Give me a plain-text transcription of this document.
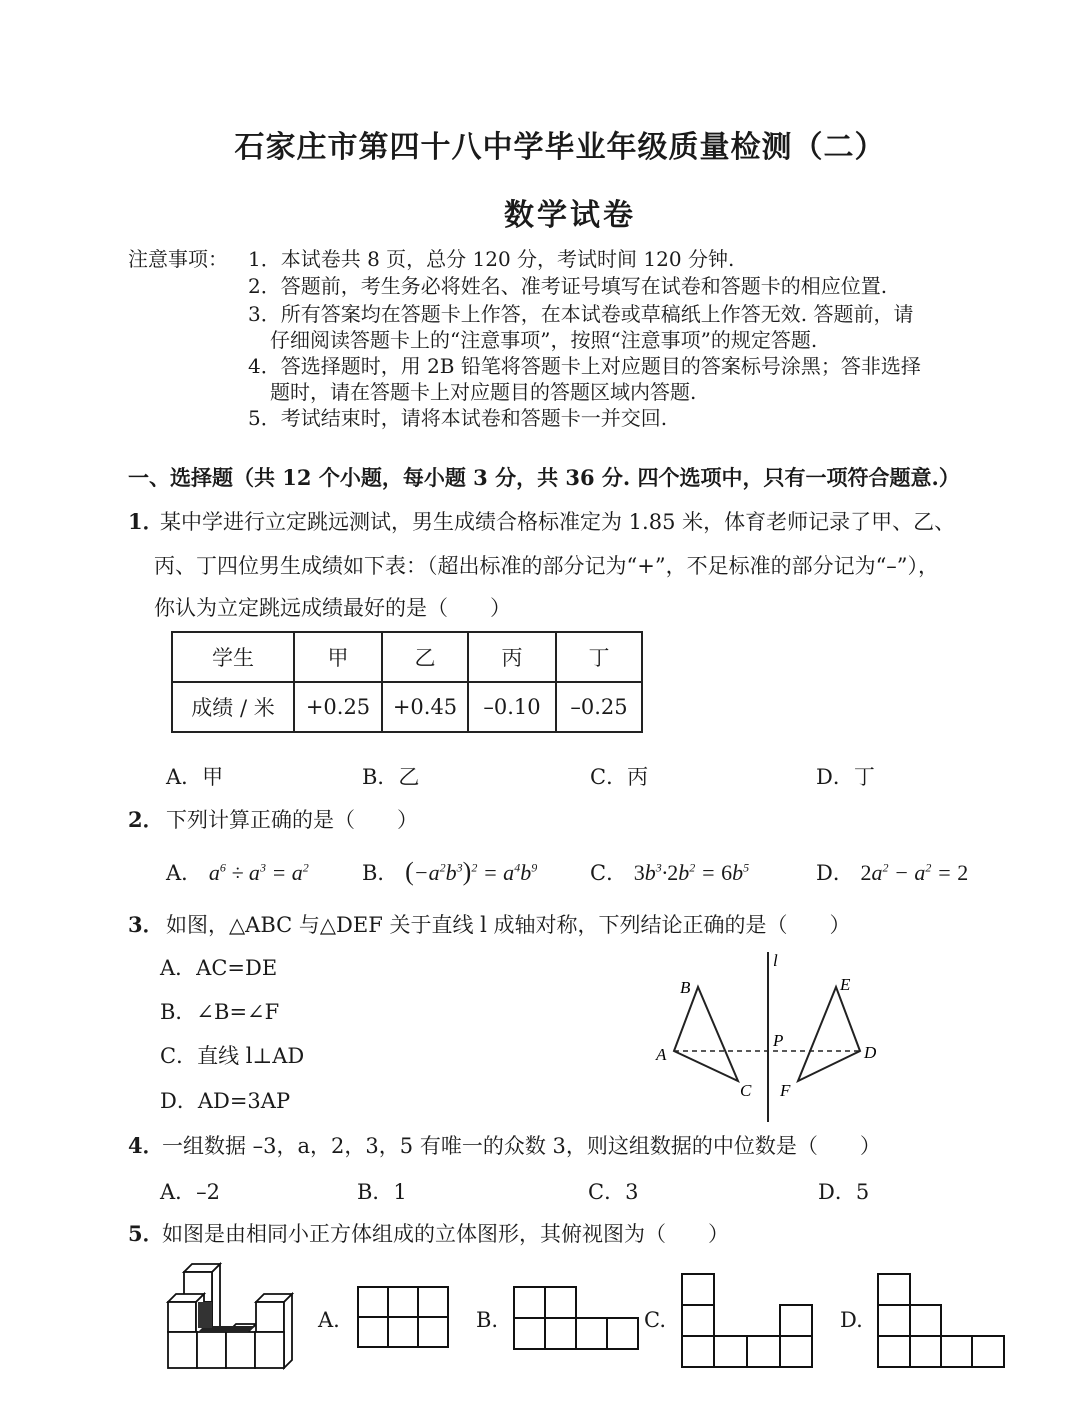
石家庄市第四十八中学毕业年级质量检测（二）
数学试卷
注意事项： 1．本试卷共 8 页，总分 120 分，考试时间 120 分钟.
2．答题前，考生务必将姓名、准考证号填写在试卷和答题卡的相应位置.
3．所有答案均在答题卡上作答，在本试卷或草稿纸上作答无效. 答题前，请
仔细阅读答题卡上的“注意事项”，按照“注意事项”的规定答题.
4．答选择题时，用 2B 铅笔将答题卡上对应题目的答案标号涂黑；答非选择
题时，请在答题卡上对应题目的答题区域内答题.
5．考试结束时，请将本试卷和答题卡一并交回.
一、选择题（共 12 个小题，每小题 3 分，共 36 分. 四个选项中，只有一项符合题意.）
1．
某中学进行立定跳远测试，男生成绩合格标准定为 1.85 米，体育老师记录了甲、乙、
丙、丁四位男生成绩如下表：（超出标准的部分记为“+”，不足标准的部分记为“–”），
你认为立定跳远成绩最好的是（　　）
学生	甲	乙	丙	丁
成绩 / 米	+0.25	+0.45	–0.10	–0.25
A．甲	B．乙	C．丙	D．丁
2． 下列计算正确的是（　　）
A． $a^6 \div a^3 = a^2$	B． $(-a^2b^3)^2 = a^4b^9$	C． $3b^3\cdot 2b^2 = 6b^5$	D． $2a^2 - a^2 = 2$
3． 如图，△ABC 与△DEF 关于直线 l 成轴对称，下列结论正确的是（　　）
A．AC=DE
B．∠B=∠F
C．直线 l⊥AD
D．AD=3AP
l
B	E
P
A	D
C F
4．
一组数据 –3，a，2，3，5 有唯一的众数 3，则这组数据的中位数是（　　）
A．–2	B．1	C．3	D．5
5．
如图是由相同小正方体组成的立体图形，其俯视图为（　　）
A.	B.	C.	D.
